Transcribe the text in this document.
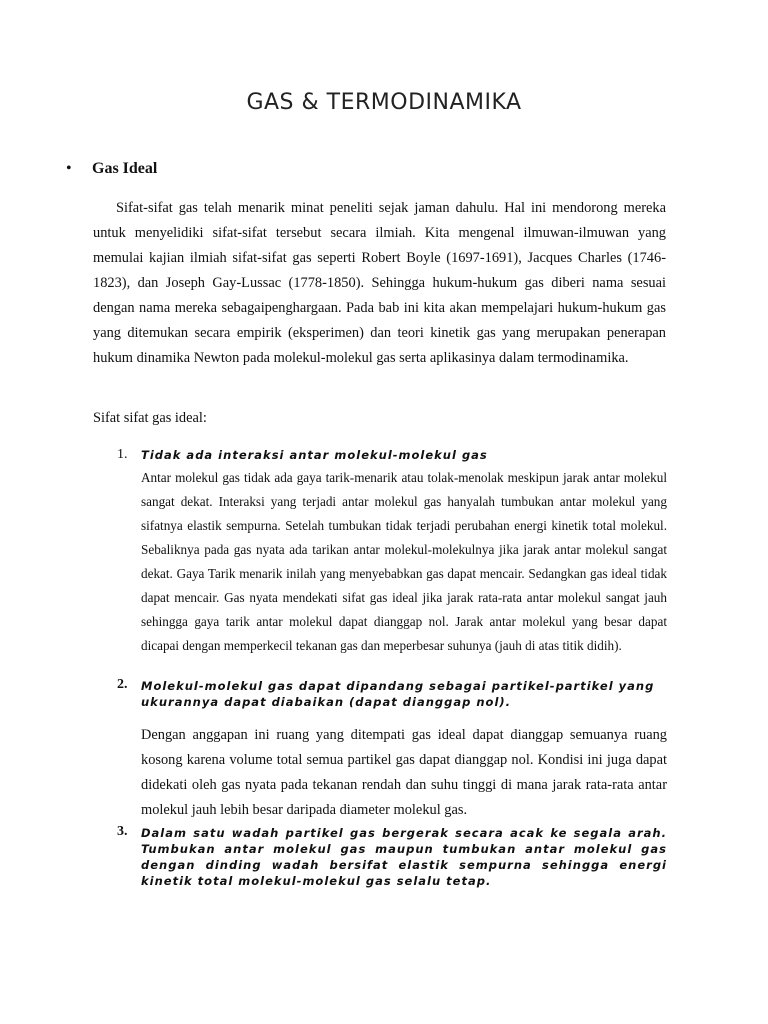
GAS & TERMODINAMIKA
• Gas Ideal

Sifat-sifat gas telah menarik minat peneliti sejak jaman dahulu. Hal ini mendorong mereka untuk menyelidiki sifat-sifat tersebut secara ilmiah. Kita mengenal ilmuwan-ilmuwan yang memulai kajian ilmiah sifat-sifat gas seperti Robert Boyle (1697-1691), Jacques Charles (1746-1823), dan Joseph Gay-Lussac (1778-1850). Sehingga hukum-hukum gas diberi nama sesuai dengan nama mereka sebagaipenghargaan. Pada bab ini kita akan mempelajari hukum-hukum gas yang ditemukan secara empirik (eksperimen) dan teori kinetik gas yang merupakan penerapan hukum dinamika Newton pada molekul-molekul gas serta aplikasinya dalam termodinamika.

Sifat sifat gas ideal:

1. Tidak ada interaksi antar molekul-molekul gas

Antar molekul gas tidak ada gaya tarik-menarik atau tolak-menolak meskipun jarak antar molekul sangat dekat. Interaksi yang terjadi antar molekul gas hanyalah tumbukan antar molekul yang sifatnya elastik sempurna. Setelah tumbukan tidak terjadi perubahan energi kinetik total molekul. Sebaliknya pada gas nyata ada tarikan antar molekul-molekulnya jika jarak antar molekul sangat dekat. Gaya Tarik menarik inilah yang menyebabkan gas dapat mencair. Sedangkan gas ideal tidak dapat mencair. Gas nyata mendekati sifat gas ideal jika jarak rata-rata antar molekul sangat jauh sehingga gaya tarik antar molekul dapat dianggap nol. Jarak antar molekul yang besar dapat dicapai dengan memperkecil tekanan gas dan meperbesar suhunya (jauh di atas titik didih).

2. Molekul-molekul gas dapat dipandang sebagai partikel-partikel yang ukurannya dapat diabaikan (dapat dianggap nol).

Dengan anggapan ini ruang yang ditempati gas ideal dapat dianggap semuanya ruang kosong karena volume total semua partikel gas dapat dianggap nol. Kondisi ini juga dapat didekati oleh gas nyata pada tekanan rendah dan suhu tinggi di mana jarak rata-rata antar molekul jauh lebih besar daripada diameter molekul gas.

3. Dalam satu wadah partikel gas bergerak secara acak ke segala arah. Tumbukan antar molekul gas maupun tumbukan antar molekul gas dengan dinding wadah bersifat elastik sempurna sehingga energi kinetik total molekul-molekul gas selalu tetap.
